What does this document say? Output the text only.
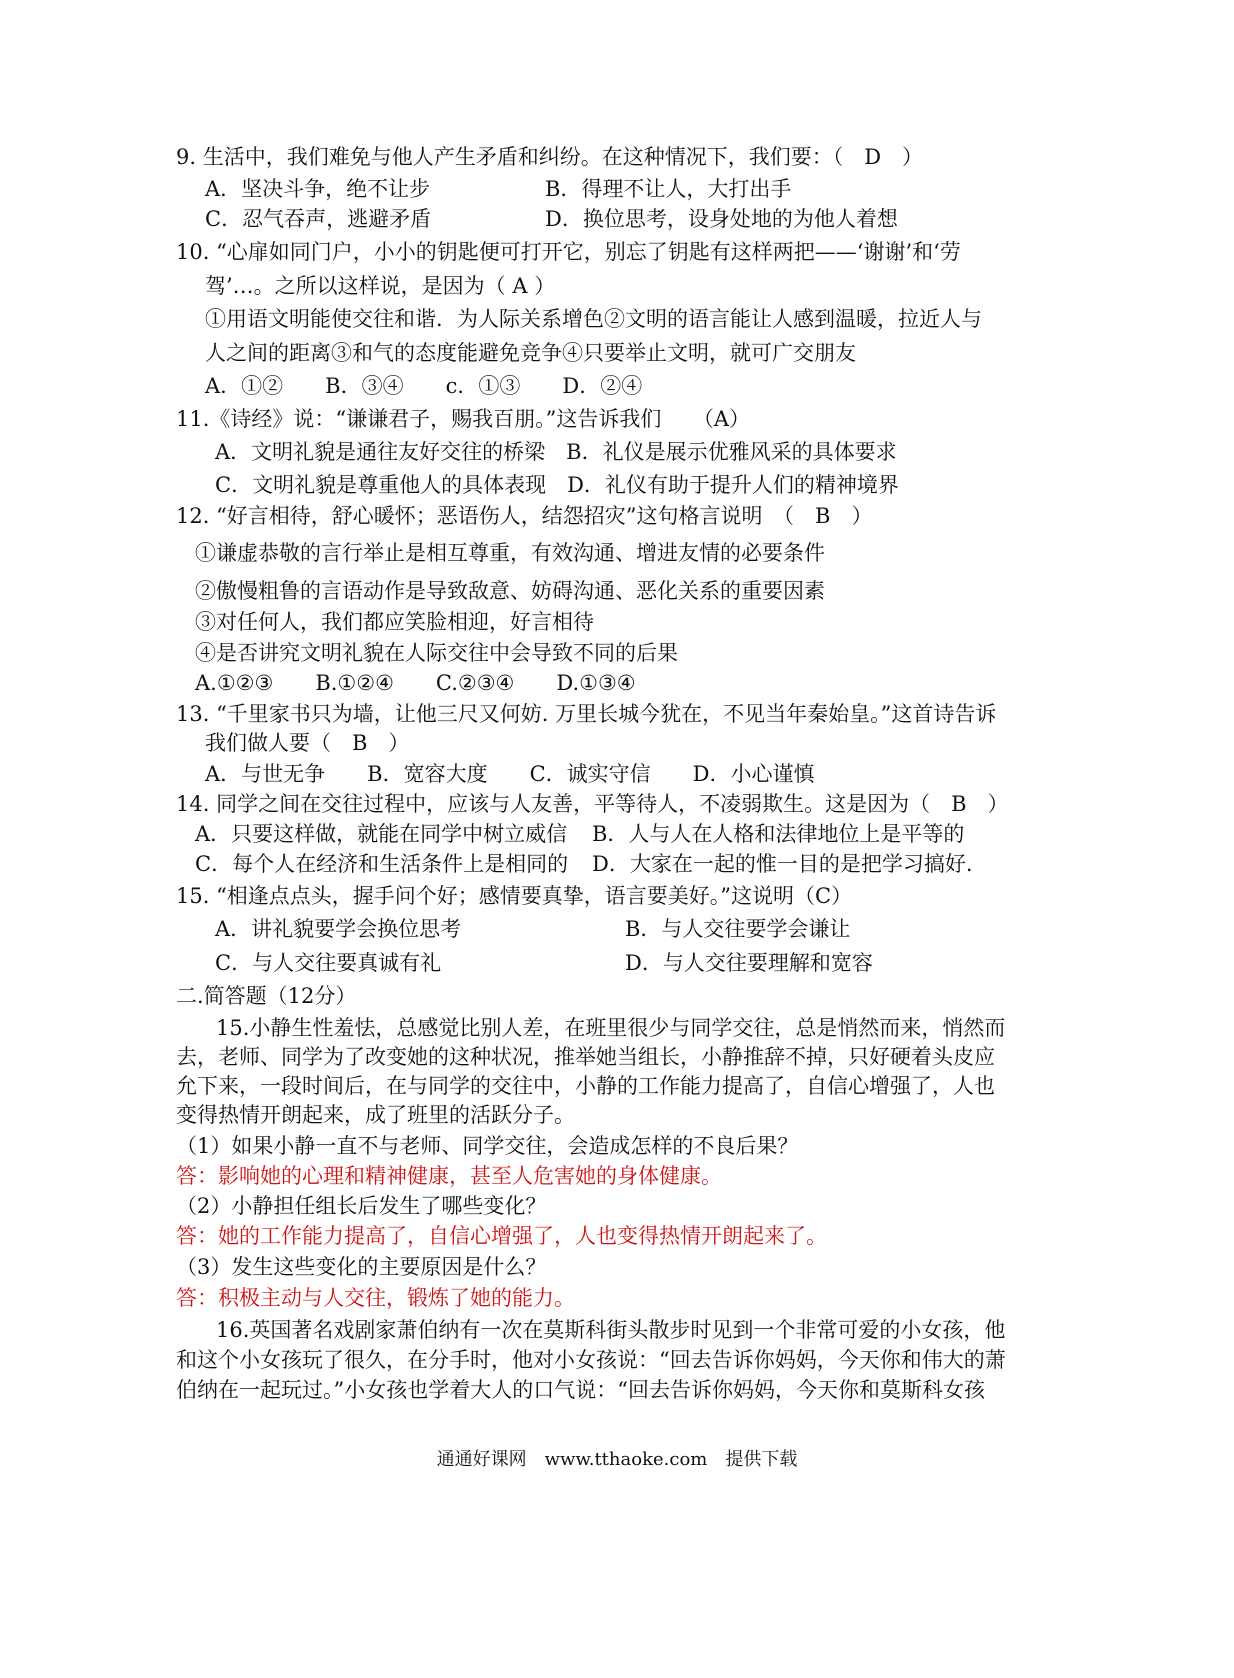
9. 生活中，我们难免与他人产生矛盾和纠纷。在这种情况下，我们要：（　D　）
A．坚决斗争，绝不让步	B．得理不让人，大打出手
C．忍气吞声，逃避矛盾	D．换位思考，设身处地的为他人着想
10. “心扉如同门户，小小的钥匙便可打开它，别忘了钥匙有这样两把——‘谢谢’和‘劳
驾’…。之所以这样说，是因为（ A ）
①用语文明能使交往和谐．为人际关系增色②文明的语言能让人感到温暖，拉近人与
人之间的距离③和气的态度能避免竞争④只要举止文明，就可广交朋友
A．①②　　B．③④　　c．①③　　D．②④
11.《诗经》说：“谦谦君子，赐我百朋。”这告诉我们　　（A）
A．文明礼貌是通往友好交往的桥梁　B．礼仪是展示优雅风采的具体要求
C．文明礼貌是尊重他人的具体表现　D．礼仪有助于提升人们的精神境界
12. “好言相待，舒心暖怀；恶语伤人，结怨招灾”这句格言说明　（　B　）
①谦虚恭敬的言行举止是相互尊重，有效沟通、增进友情的必要条件
②傲慢粗鲁的言语动作是导致敌意、妨碍沟通、恶化关系的重要因素
③对任何人，我们都应笑脸相迎，好言相待
④是否讲究文明礼貌在人际交往中会导致不同的后果
A.①②③　　B.①②④　　C.②③④　　D.①③④
13. “千里家书只为墙，让他三尺又何妨. 万里长城今犹在，不见当年秦始皇。”这首诗告诉
我们做人要（　B　）
A．与世无争　　B．宽容大度　　C．诚实守信　　D．小心谨慎
14. 同学之间在交往过程中，应该与人友善，平等待人，不凌弱欺生。这是因为（　B　）
A．只要这样做，就能在同学中树立威信 B．人与人在人格和法律地位上是平等的
C．每个人在经济和生活条件上是相同的 D．大家在一起的惟一目的是把学习搞好.
15. “相逢点点头，握手问个好；感情要真挚，语言要美好。”这说明（C）
A．讲礼貌要学会换位思考	B．与人交往要学会谦让
C．与人交往要真诚有礼	D．与人交往要理解和宽容
二.简答题（12分）
15.小静生性羞怯，总感觉比别人差，在班里很少与同学交往，总是悄然而来，悄然而
去，老师、同学为了改变她的这种状况，推举她当组长，小静推辞不掉，只好硬着头皮应
允下来，一段时间后，在与同学的交往中，小静的工作能力提高了，自信心增强了，人也
变得热情开朗起来，成了班里的活跃分子。
（1）如果小静一直不与老师、同学交往，会造成怎样的不良后果？
答：影响她的心理和精神健康，甚至人危害她的身体健康。
（2）小静担任组长后发生了哪些变化？
答：她的工作能力提高了，自信心增强了，人也变得热情开朗起来了。
（3）发生这些变化的主要原因是什么？
答：积极主动与人交往，锻炼了她的能力。
16.英国著名戏剧家萧伯纳有一次在莫斯科街头散步时见到一个非常可爱的小女孩，他
和这个小女孩玩了很久，在分手时，他对小女孩说：“回去告诉你妈妈，今天你和伟大的萧
伯纳在一起玩过。”小女孩也学着大人的口气说：“回去告诉你妈妈，今天你和莫斯科女孩
通通好课网　www.tthaoke.com　提供下载
